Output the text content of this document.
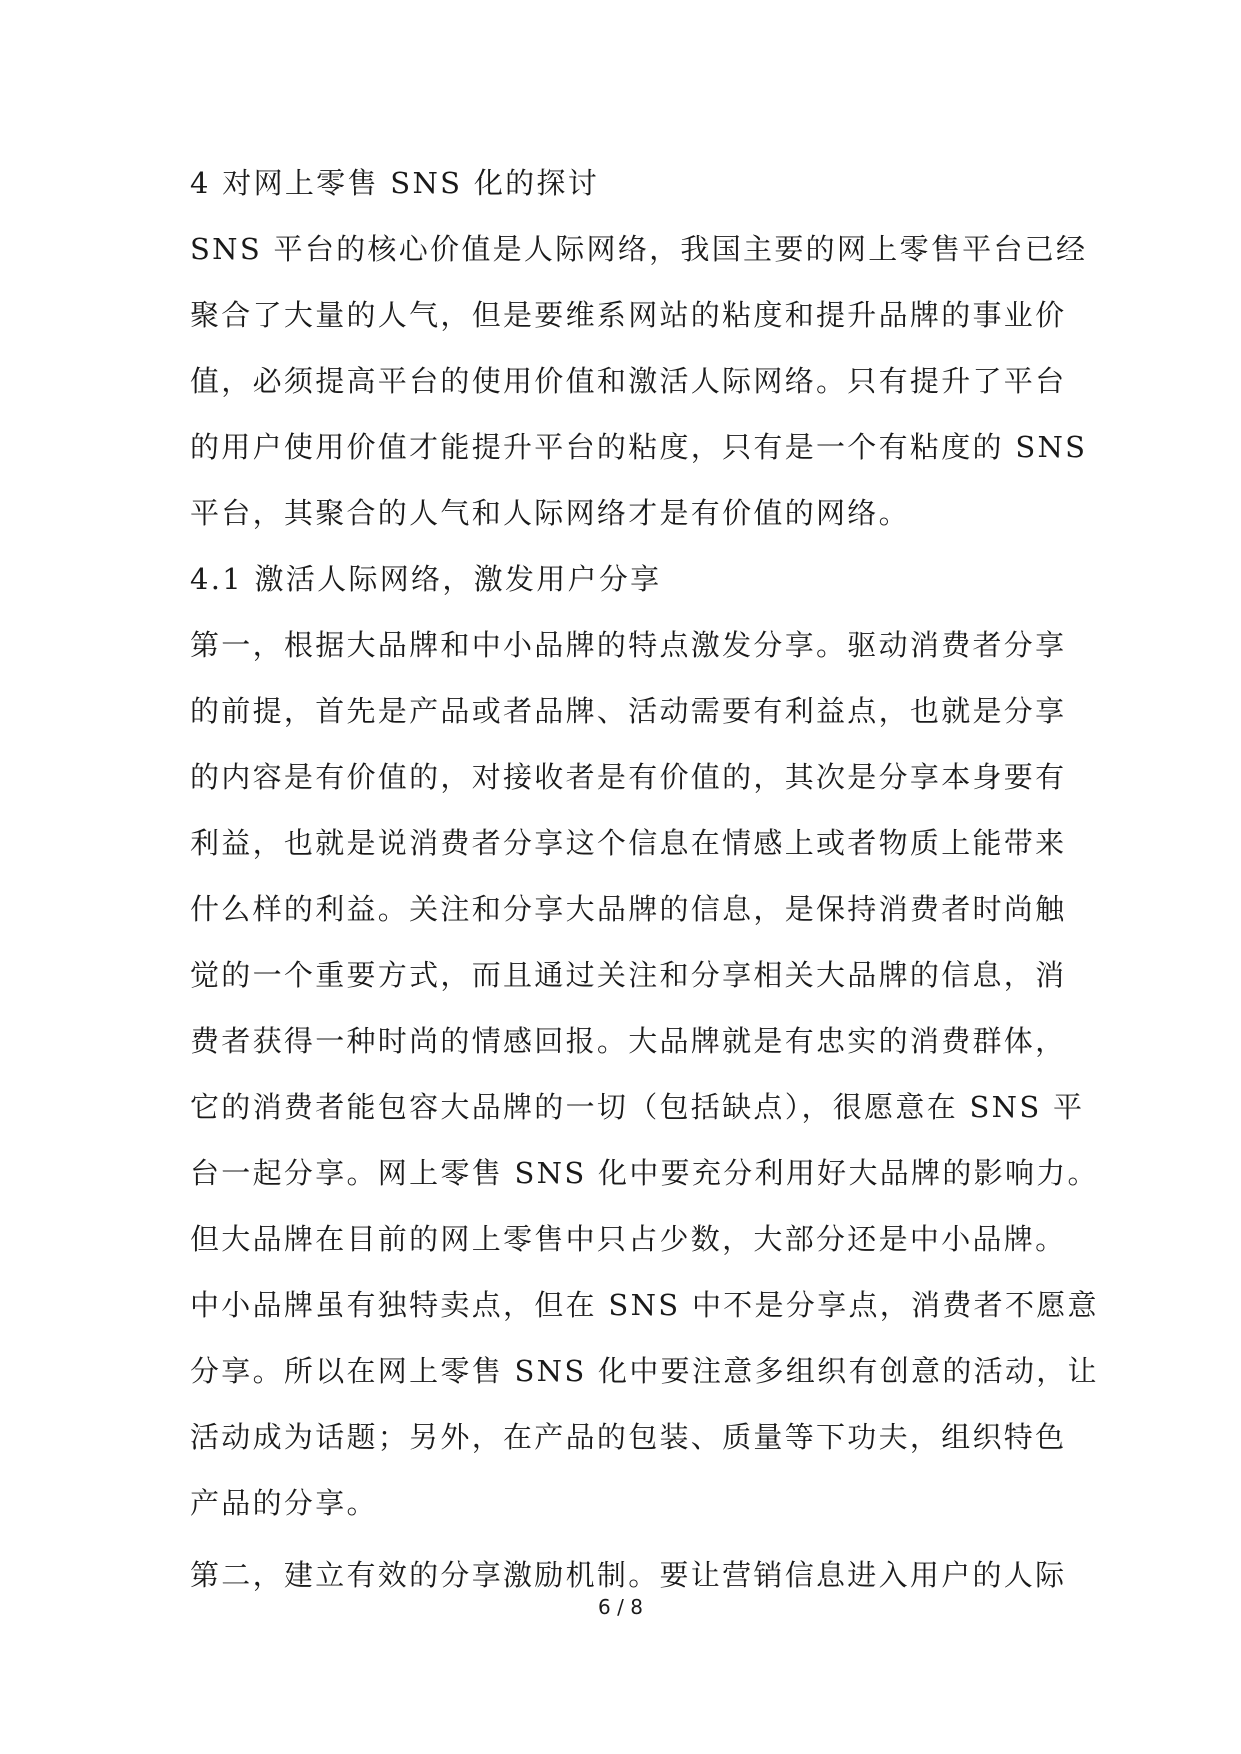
4 对网上零售 SNS 化的探讨
SNS 平台的核心价值是人际网络，我国主要的网上零售平台已经
聚合了大量的人气，但是要维系网站的粘度和提升品牌的事业价
值，必须提高平台的使用价值和激活人际网络。只有提升了平台
的用户使用价值才能提升平台的粘度，只有是一个有粘度的 SNS
平台，其聚合的人气和人际网络才是有价值的网络。
4.1 激活人际网络，激发用户分享
第一，根据大品牌和中小品牌的特点激发分享。驱动消费者分享
的前提，首先是产品或者品牌、活动需要有利益点，也就是分享
的内容是有价值的，对接收者是有价值的，其次是分享本身要有
利益，也就是说消费者分享这个信息在情感上或者物质上能带来
什么样的利益。关注和分享大品牌的信息，是保持消费者时尚触
觉的一个重要方式，而且通过关注和分享相关大品牌的信息，消
费者获得一种时尚的情感回报。大品牌就是有忠实的消费群体，
它的消费者能包容大品牌的一切（包括缺点），很愿意在 SNS 平
台一起分享。网上零售 SNS 化中要充分利用好大品牌的影响力。
但大品牌在目前的网上零售中只占少数，大部分还是中小品牌。
中小品牌虽有独特卖点，但在 SNS 中不是分享点，消费者不愿意
分享。所以在网上零售 SNS 化中要注意多组织有创意的活动，让
活动成为话题；另外，在产品的包装、质量等下功夫，组织特色
产品的分享。
第二，建立有效的分享激励机制。要让营销信息进入用户的人际
6 / 8
